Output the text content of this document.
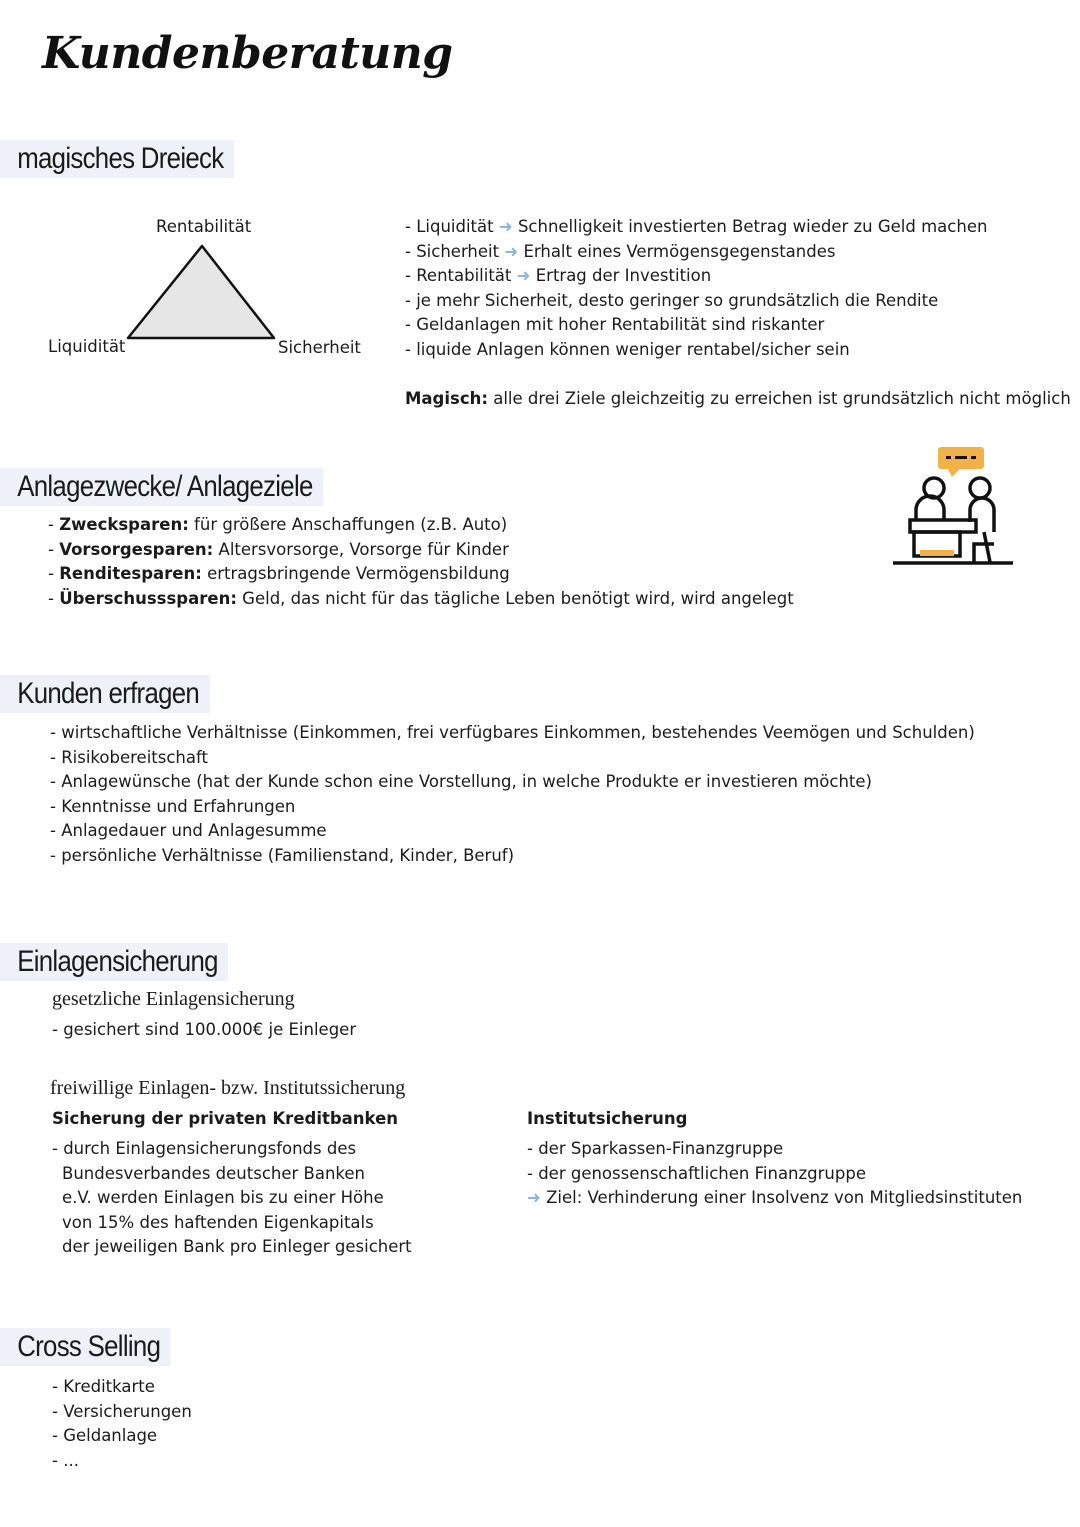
Kundenberatung
magisches Dreieck
Rentabilität
Liquidität	Sicherheit
- Liquidität ➜ Schnelligkeit investierten Betrag wieder zu Geld machen
- Sicherheit ➜ Erhalt eines Vermögensgegenstandes
- Rentabilität ➜ Ertrag der Investition
- je mehr Sicherheit, desto geringer so grundsätzlich die Rendite
- Geldanlagen mit hoher Rentabilität sind riskanter
- liquide Anlagen können weniger rentabel/sicher sein
Magisch: alle drei Ziele gleichzeitig zu erreichen ist grundsätzlich nicht möglich
Anlagezwecke/ Anlageziele
- Zwecksparen: für größere Anschaffungen (z.B. Auto)
- Vorsorgesparen: Altersvorsorge, Vorsorge für Kinder
- Renditesparen: ertragsbringende Vermögensbildung
- Überschusssparen: Geld, das nicht für das tägliche Leben benötigt wird, wird angelegt
Kunden erfragen
- wirtschaftliche Verhältnisse (Einkommen, frei verfügbares Einkommen, bestehendes Veemögen und Schulden)
- Risikobereitschaft
- Anlagewünsche (hat der Kunde schon eine Vorstellung, in welche Produkte er investieren möchte)
- Kenntnisse und Erfahrungen
- Anlagedauer und Anlagesumme
- persönliche Verhältnisse (Familienstand, Kinder, Beruf)
Einlagensicherung
gesetzliche Einlagensicherung
- gesichert sind 100.000€ je Einleger
freiwillige Einlagen- bzw. Institutssicherung
Sicherung der privaten Kreditbanken
- durch Einlagensicherungsfonds des
Bundesverbandes deutscher Banken
e.V. werden Einlagen bis zu einer Höhe
von 15% des haftenden Eigenkapitals
der jeweiligen Bank pro Einleger gesichert
Institutsicherung
- der Sparkassen-Finanzgruppe
- der genossenschaftlichen Finanzgruppe
➜ Ziel: Verhinderung einer Insolvenz von Mitgliedsinstituten
Cross Selling
- Kreditkarte
- Versicherungen
- Geldanlage
- ...
